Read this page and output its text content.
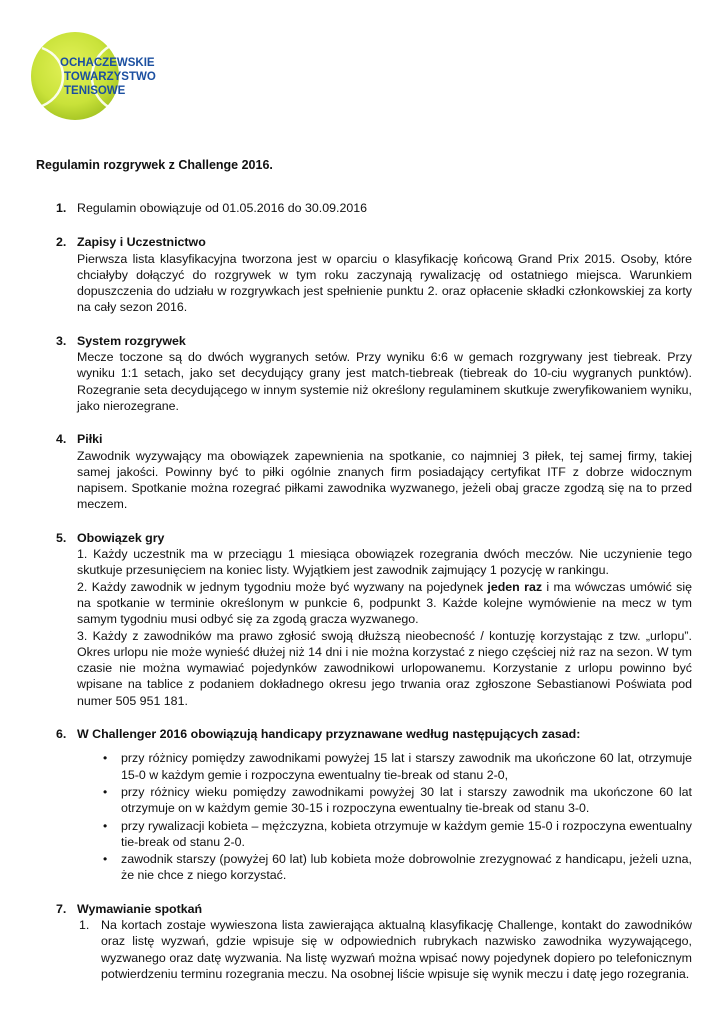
OCHACZEWSKIE
TOWARZYSTWO
TENISOWE
Regulamin rozgrywek z Challenge 2016.
1. Regulamin obowiązuje od 01.05.2016 do 30.09.2016
2. Zapisy i Uczestnictwo
Pierwsza lista klasyfikacyjna tworzona jest w oparciu o klasyfikację końcową Grand Prix 2015. Osoby, które chciałyby dołączyć do rozgrywek w tym roku zaczynają rywalizację od ostatniego miejsca. Warunkiem dopuszczenia do udziału w rozgrywkach jest spełnienie punktu 2. oraz opłacenie składki członkowskiej za korty na cały sezon 2016.
3. System rozgrywek
Mecze toczone są do dwóch wygranych setów. Przy wyniku 6:6 w gemach rozgrywany jest tiebreak. Przy wyniku 1:1 setach, jako set decydujący grany jest match-tiebreak (tiebreak do 10-ciu wygranych punktów). Rozegranie seta decydującego w innym systemie niż określony regulaminem skutkuje zweryfikowaniem wyniku, jako nierozegrane.
4. Piłki
Zawodnik wyzywający ma obowiązek zapewnienia na spotkanie, co najmniej 3 piłek, tej samej firmy, takiej samej jakości. Powinny być to piłki ogólnie znanych firm posiadający certyfikat ITF z dobrze widocznym napisem. Spotkanie można rozegrać piłkami zawodnika wyzwanego, jeżeli obaj gracze zgodzą się na to przed meczem.
5. Obowiązek gry

1. Każdy uczestnik ma w przeciągu 1 miesiąca obowiązek rozegrania dwóch meczów. Nie uczynienie tego skutkuje przesunięciem na koniec listy. Wyjątkiem jest zawodnik zajmujący 1 pozycję w rankingu.

2. Każdy zawodnik w jednym tygodniu może być wyzwany na pojedynek jeden raz i ma wówczas umówić się na spotkanie w terminie określonym w punkcie 6, podpunkt 3. Każde kolejne wymówienie na mecz w tym samym tygodniu musi odbyć się za zgodą gracza wyzwanego.

3. Każdy z zawodników ma prawo zgłosić swoją dłuższą nieobecność / kontuzję korzystając z tzw. „urlopu”. Okres urlopu nie może wynieść dłużej niż 14 dni i nie można korzystać z niego częściej niż raz na sezon. W tym czasie nie można wymawiać pojedynków zawodnikowi urlopowanemu. Korzystanie z urlopu powinno być wpisane na tablice z podaniem dokładnego okresu jego trwania oraz zgłoszone Sebastianowi Poświata pod numer 505 951 181.

6. W Challenger 2016 obowiązują handicapy przyznawane według następujących zasad:
• przy różnicy pomiędzy zawodnikami powyżej 15 lat i starszy zawodnik ma ukończone 60 lat, otrzymuje 15-0 w każdym gemie i rozpoczyna ewentualny tie-break od stanu 2-0,
• przy różnicy wieku pomiędzy zawodnikami powyżej 30 lat i starszy zawodnik ma ukończone 60 lat otrzymuje on w każdym gemie 30-15 i rozpoczyna ewentualny tie-break od stanu 3-0.
• przy rywalizacji kobieta – mężczyzna, kobieta otrzymuje w każdym gemie 15-0 i rozpoczyna ewentualny tie-break od stanu 2-0.
• zawodnik starszy (powyżej 60 lat) lub kobieta może dobrowolnie zrezygnować z handicapu, jeżeli uzna, że nie chce z niego korzystać.
7. Wymawianie spotkań
1. Na kortach zostaje wywieszona lista zawierająca aktualną klasyfikację Challenge, kontakt do zawodników oraz listę wyzwań, gdzie wpisuje się w odpowiednich rubrykach nazwisko zawodnika wyzywającego, wyzwanego oraz datę wyzwania. Na listę wyzwań można wpisać nowy pojedynek dopiero po telefonicznym potwierdzeniu terminu rozegrania meczu. Na osobnej liście wpisuje się wynik meczu i datę jego rozegrania.
